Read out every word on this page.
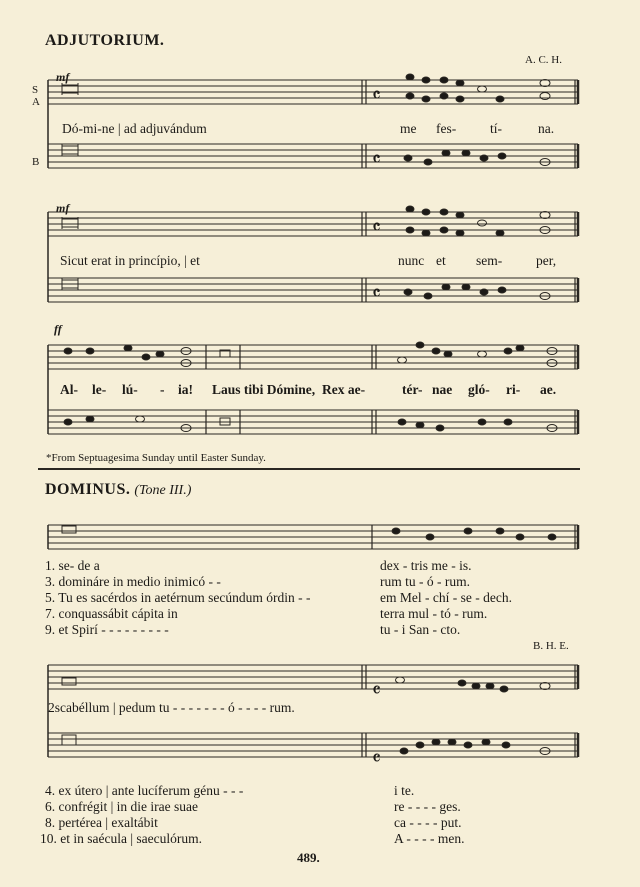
ADJUTORIUM.
A. C. H.
S
A
B
mf
mf
ff
𝄴
𝄴
𝄴
𝄴
𝄴
𝄴
Dó-mi-ne | ad adjuvándum	me fes-	tí-	na.
Sicut erat in princípio, | et	nunc et sem-	per,
Al- le- lú- - ia! Laus tibi Dómine, Rex ae-	tér- nae gló- ri- ae.
*From Septuagesima Sunday until Easter Sunday.
DOMINUS. (Tone III.)
1. se- de a	dex - tris me - is.
3. domináre in medio inimicó - -	rum tu - ó - rum.
5. Tu es sacérdos in aetérnum secúndum órdin - -	em Mel - chí - se - dech.
7. conquassábit cápita in	terra mul - tó - rum.
9. et Spirí - - - - - - - - -	tu - i San - cto.
B. H. E.
2scabéllum | pedum tu - - - - - - - ó - - - - rum.
4. ex útero | ante lucíferum génu - - -	i te.
6. confrégit | in die irae suae	re - - - - ges.
8. pertérea | exaltábit	ca - - - - put.
10. et in saécula | saeculórum.	A - - - - men.
489.
